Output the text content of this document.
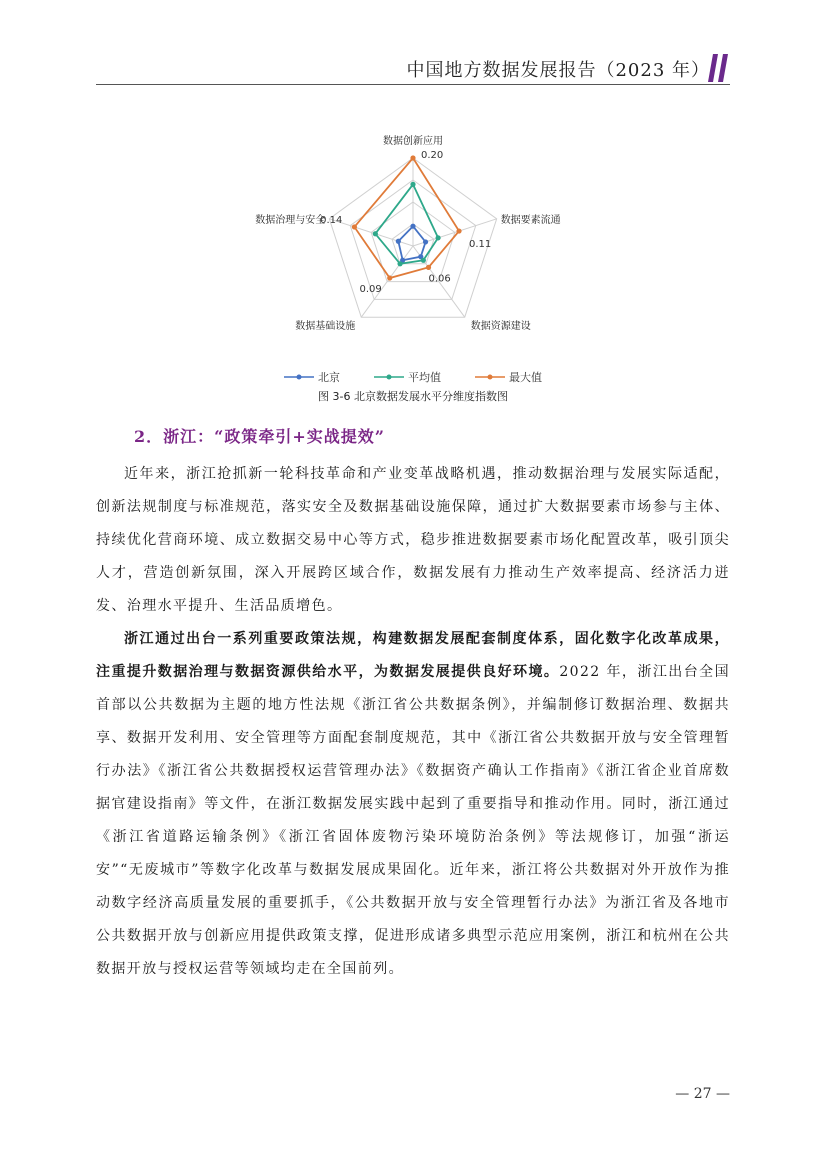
中国地方数据发展报告（2023 年）
数据创新应用
数据要素流通
数据资源建设
数据基础设施
数据治理与安全
0.20
0.11
0.06
0.09
0.14
北京	平均值	最大值
图 3-6 北京数据发展水平分维度指数图
2．浙江：“政策牵引+实战提效”

近年来，浙江抢抓新一轮科技革命和产业变革战略机遇，推动数据治理与发展实际适配，创新法规制度与标准规范，落实安全及数据基础设施保障，通过扩大数据要素市场参与主体、持续优化营商环境、成立数据交易中心等方式，稳步推进数据要素市场化配置改革，吸引顶尖人才，营造创新氛围，深入开展跨区域合作，数据发展有力推动生产效率提高、经济活力迸发、治理水平提升、生活品质增色。

浙江通过出台一系列重要政策法规，构建数据发展配套制度体系，固化数字化改革成果，注重提升数据治理与数据资源供给水平，为数据发展提供良好环境。2022 年，浙江出台全国首部以公共数据为主题的地方性法规《浙江省公共数据条例》，并编制修订数据治理、数据共享、数据开发利用、安全管理等方面配套制度规范，其中《浙江省公共数据开放与安全管理暂行办法》《浙江省公共数据授权运营管理办法》《数据资产确认工作指南》《浙江省企业首席数据官建设指南》等文件，在浙江数据发展实践中起到了重要指导和推动作用。同时，浙江通过《浙江省道路运输条例》《浙江省固体废物污染环境防治条例》等法规修订，加强“浙运安”“无废城市”等数字化改革与数据发展成果固化。近年来，浙江将公共数据对外开放作为推动数字经济高质量发展的重要抓手，《公共数据开放与安全管理暂行办法》为浙江省及各地市公共数据开放与创新应用提供政策支撑，促进形成诸多典型示范应用案例，浙江和杭州在公共数据开放与授权运营等领域均走在全国前列。

— 27 —
